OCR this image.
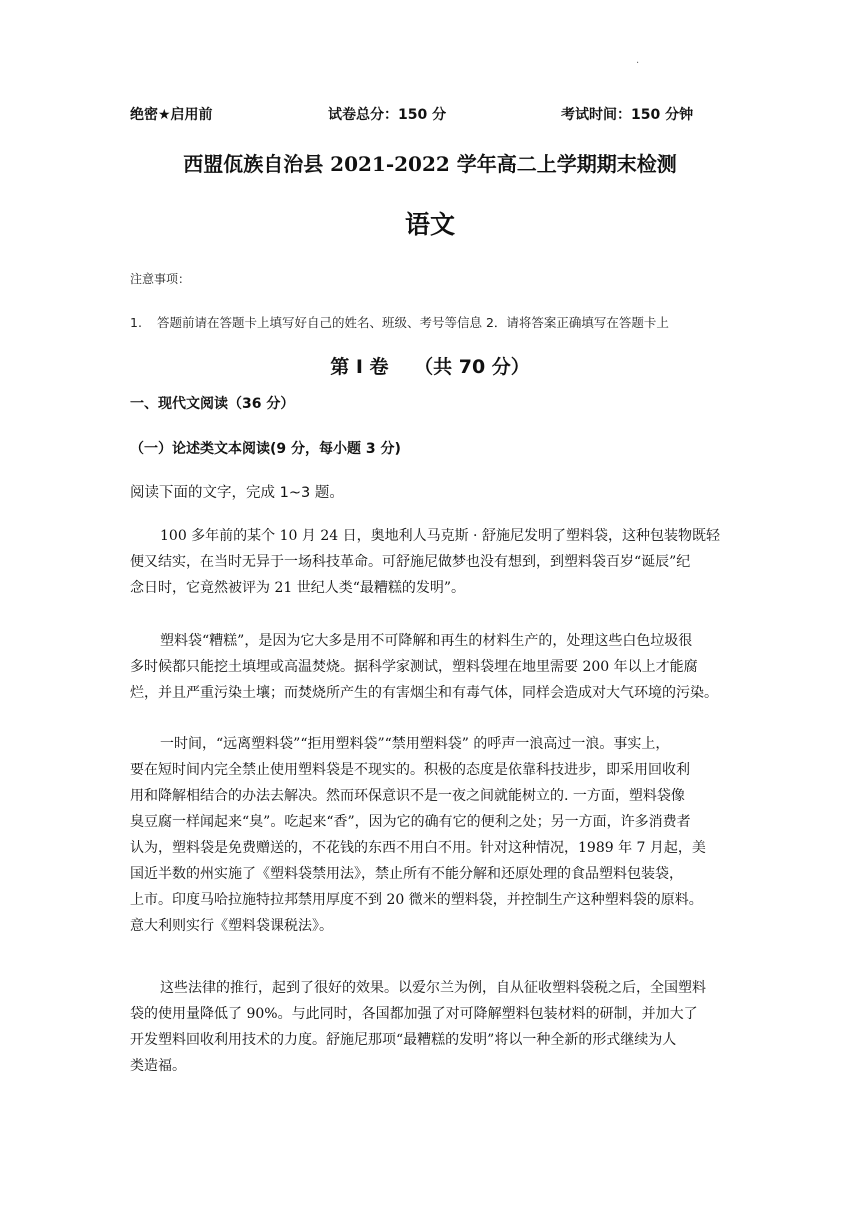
·
绝密★启用前	试卷总分：150 分	考试时间：150 分钟
西盟佤族自治县 2021-2022 学年高二上学期期末检测
语文
注意事项：
1. 答题前请在答题卡上填写好自己的姓名、班级、考号等信息 2．请将答案正确填写在答题卡上
第 I 卷　 （共 70 分）
一、现代文阅读（36 分）
（一）论述类文本阅读(9 分，每小题 3 分)
阅读下面的文字，完成 1~3 题。
100 多年前的某个 10 月 24 日，奥地利人马克斯 · 舒施尼发明了塑料袋，这种包装物既轻
便又结实，在当时无异于一场科技革命。可舒施尼做梦也没有想到，到塑料袋百岁“诞辰”纪
念日时，它竟然被评为 21 世纪人类“最糟糕的发明”。
塑料袋“糟糕”，是因为它大多是用不可降解和再生的材料生产的，处理这些白色垃圾很
多时候都只能挖土填埋或高温焚烧。据科学家测试，塑料袋埋在地里需要 200 年以上才能腐
烂，并且严重污染土壤；而焚烧所产生的有害烟尘和有毒气体，同样会造成对大气环境的污染。
一时间，“远离塑料袋”“拒用塑料袋”“禁用塑料袋” 的呼声一浪高过一浪。事实上，
要在短时间内完全禁止使用塑料袋是不现实的。积极的态度是依靠科技进步，即采用回收利
用和降解相结合的办法去解决。然而环保意识不是一夜之间就能树立的. 一方面，塑料袋像
臭豆腐一样闻起来“臭”。吃起来“香”，因为它的确有它的便利之处；另一方面，许多消费者
认为，塑料袋是免费赠送的，不花钱的东西不用白不用。针对这种情况，1989 年 7 月起，美
国近半数的州实施了《塑料袋禁用法》，禁止所有不能分解和还原处理的食品塑料包装袋，
上市。印度马哈拉施特拉邦禁用厚度不到 20 微米的塑料袋，并控制生产这种塑料袋的原料。
意大利则实行《塑料袋课税法》。
这些法律的推行，起到了很好的效果。以爱尔兰为例，自从征收塑料袋税之后，全国塑料
袋的使用量降低了 90%。与此同时，各国都加强了对可降解塑料包装材料的研制，并加大了
开发塑料回收利用技术的力度。舒施尼那项“最糟糕的发明”将以一种全新的形式继续为人
类造福。
